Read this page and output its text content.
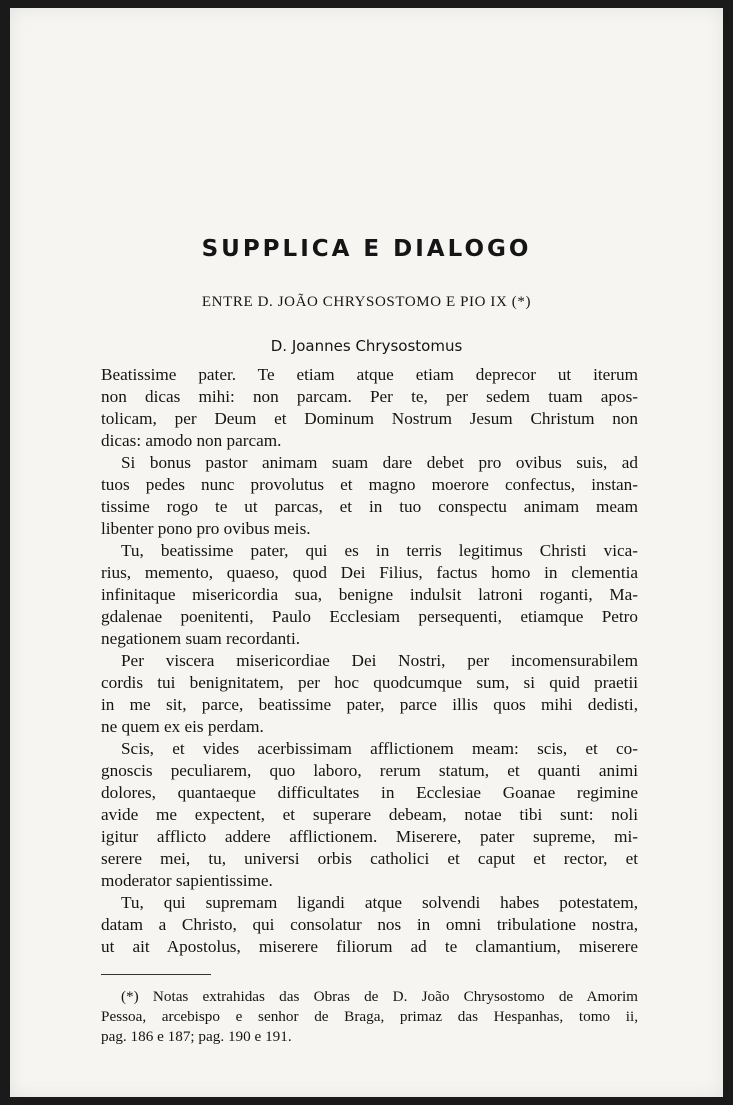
SUPPLICA E DIALOGO
ENTRE D. JOÃO CHRYSOSTOMO E PIO IX (*)
D. Joannes Chrysostomus
Beatissime pater. Te etiam atque etiam deprecor ut iterum
non dicas mihi: non parcam. Per te, per sedem tuam apos-
tolicam, per Deum et Dominum Nostrum Jesum Christum non
dicas: amodo non parcam.
Si bonus pastor animam suam dare debet pro ovibus suis, ad
tuos pedes nunc provolutus et magno moerore confectus, instan-
tissime rogo te ut parcas, et in tuo conspectu animam meam
libenter pono pro ovibus meis.
Tu, beatissime pater, qui es in terris legitimus Christi vica-
rius, memento, quaeso, quod Dei Filius, factus homo in clementia
infinitaque misericordia sua, benigne indulsit latroni roganti, Ma-
gdalenae poenitenti, Paulo Ecclesiam persequenti, etiamque Petro
negationem suam recordanti.
Per viscera misericordiae Dei Nostri, per incomensurabilem
cordis tui benignitatem, per hoc quodcumque sum, si quid praetii
in me sit, parce, beatissime pater, parce illis quos mihi dedisti,
ne quem ex eis perdam.
Scis, et vides acerbissimam afflictionem meam: scis, et co-
gnoscis peculiarem, quo laboro, rerum statum, et quanti animi
dolores, quantaeque difficultates in Ecclesiae Goanae regimine
avide me expectent, et superare debeam, notae tibi sunt: noli
igitur afflicto addere afflictionem. Miserere, pater supreme, mi-
serere mei, tu, universi orbis catholici et caput et rector, et
moderator sapientissime.
Tu, qui supremam ligandi atque solvendi habes potestatem,
datam a Christo, qui consolatur nos in omni tribulatione nostra,
ut ait Apostolus, miserere filiorum ad te clamantium, miserere
(*) Notas extrahidas das Obras de D. João Chrysostomo de Amorim
Pessoa, arcebispo e senhor de Braga, primaz das Hespanhas, tomo ii,
pag. 186 e 187; pag. 190 e 191.
